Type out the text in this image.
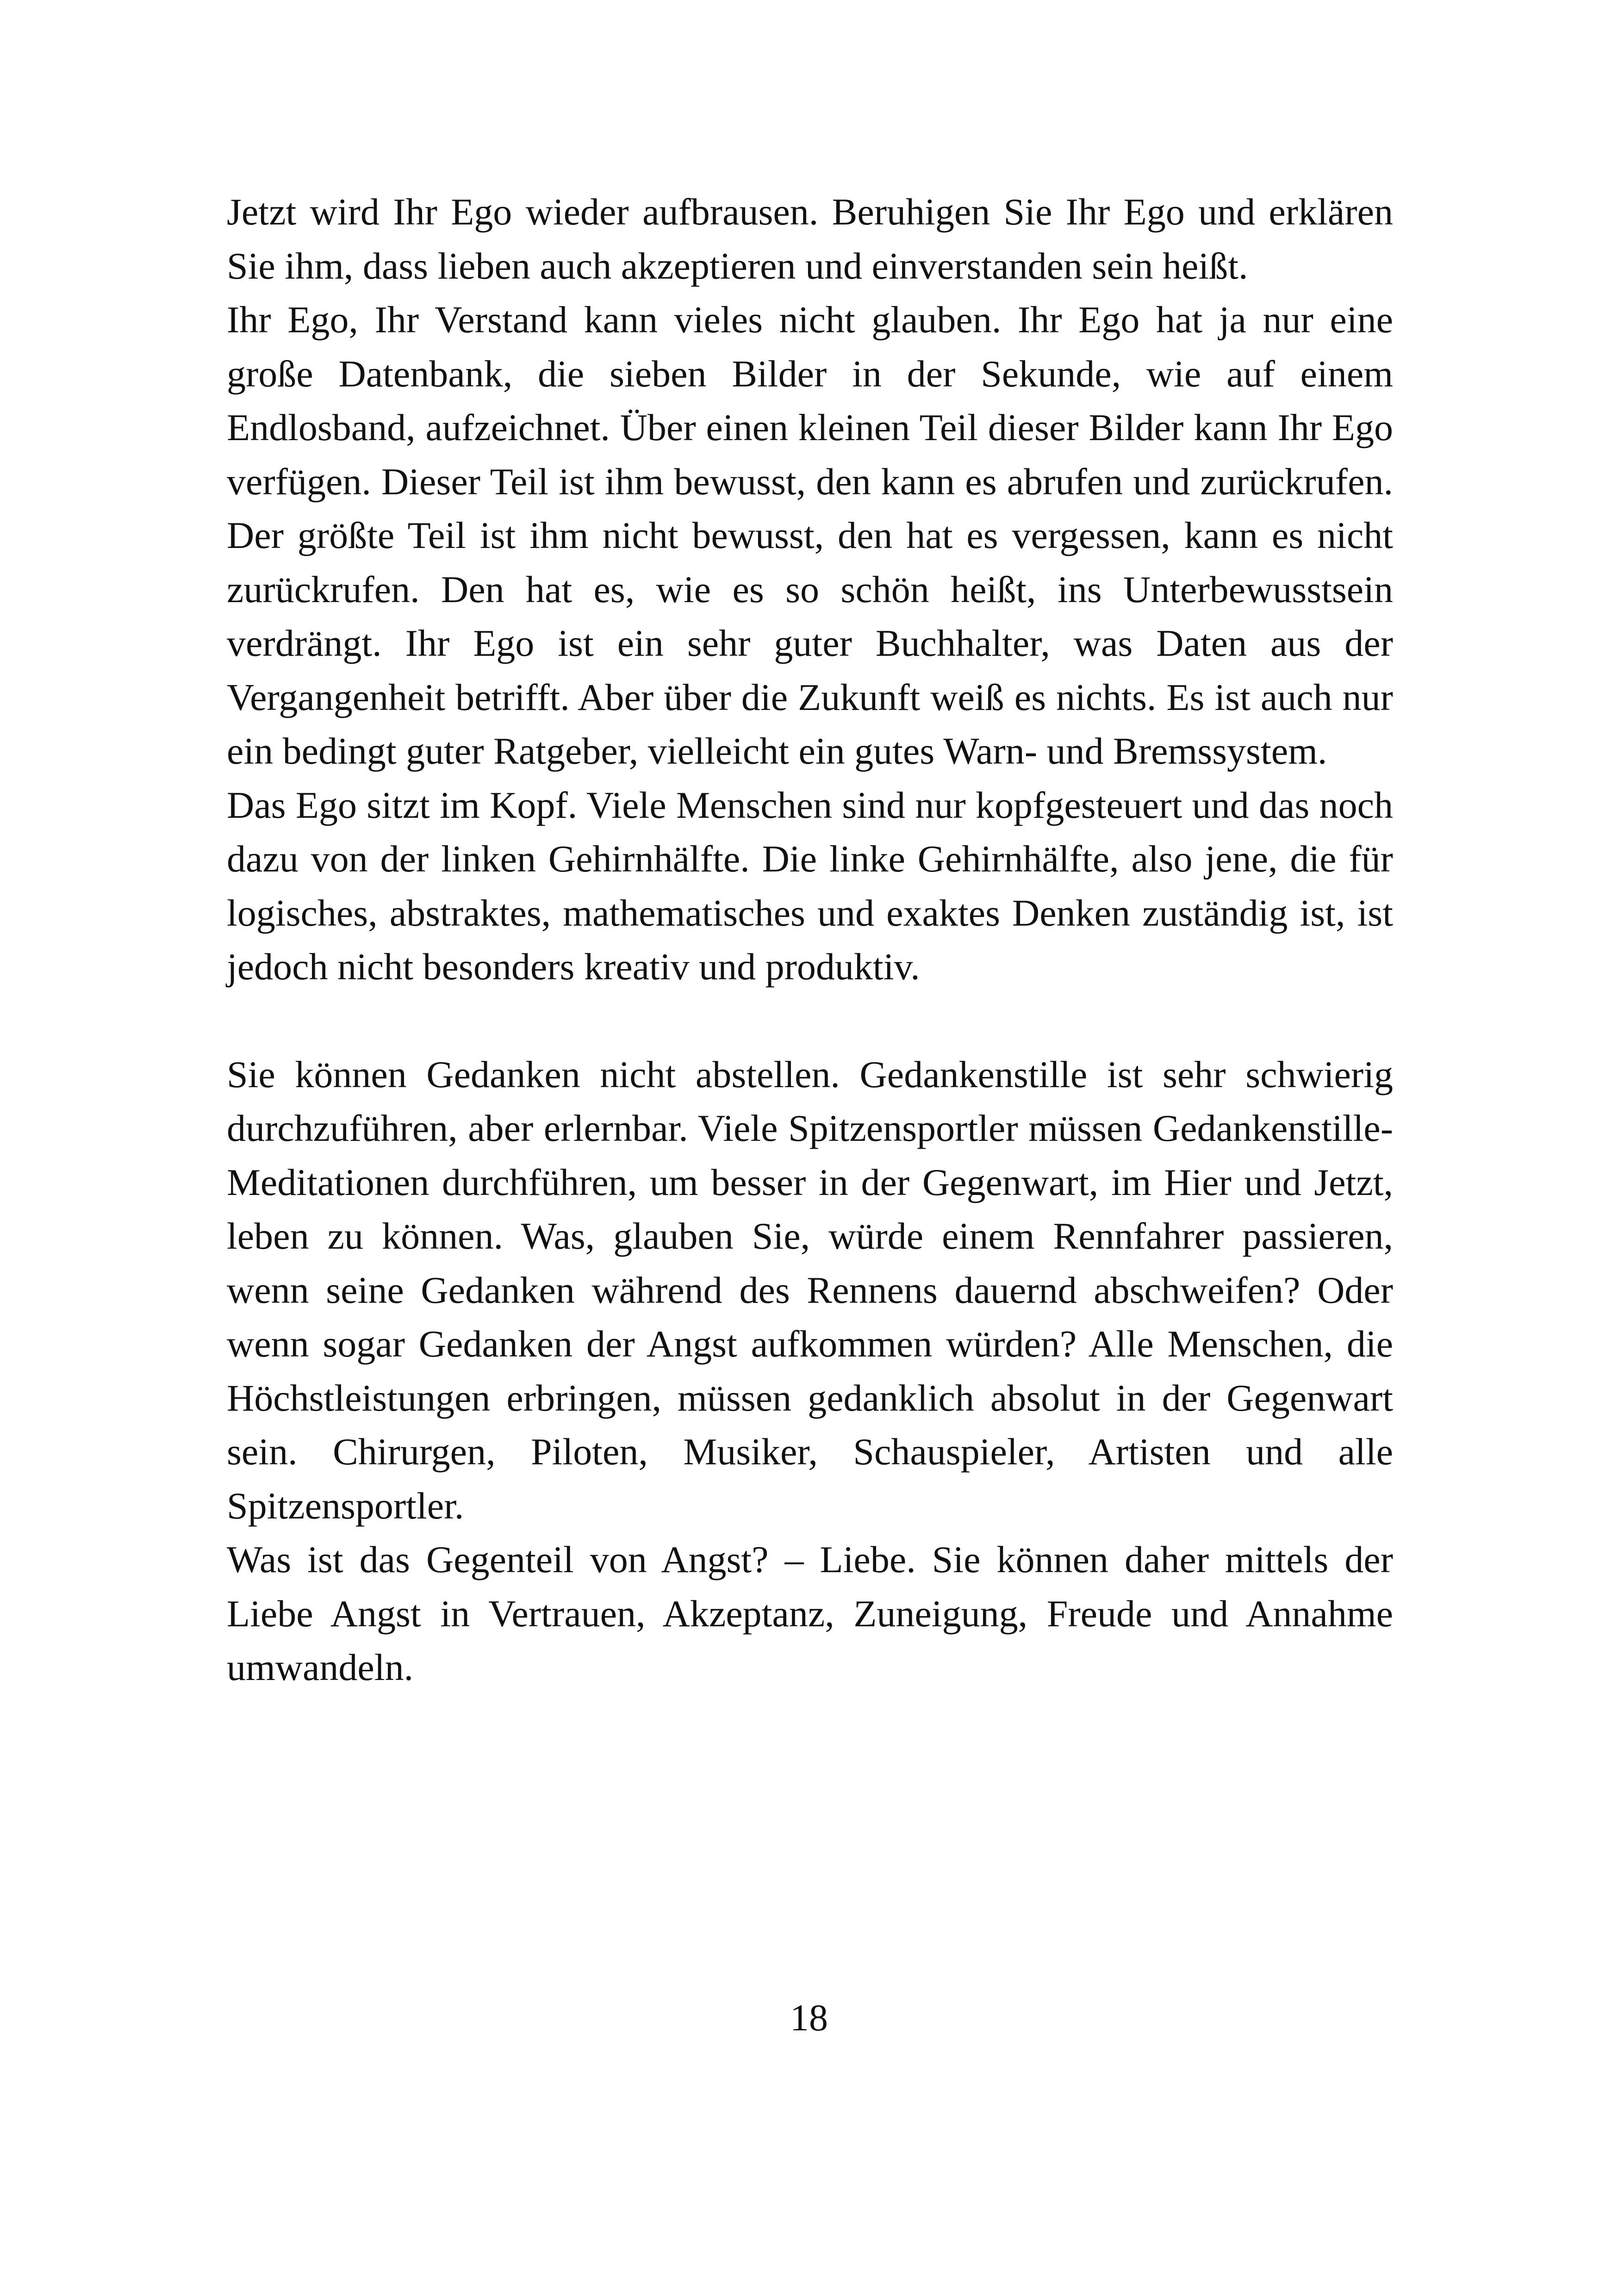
Jetzt wird Ihr Ego wieder aufbrausen. Beruhigen Sie Ihr Ego und erklären Sie ihm, dass lieben auch akzeptieren und einverstanden sein heißt.

Ihr Ego, Ihr Verstand kann vieles nicht glauben. Ihr Ego hat ja nur eine große Datenbank, die sieben Bilder in der Sekunde, wie auf einem Endlosband, aufzeichnet. Über einen kleinen Teil dieser Bilder kann Ihr Ego verfügen. Dieser Teil ist ihm bewusst, den kann es abrufen und zurückrufen. Der größte Teil ist ihm nicht bewusst, den hat es vergessen, kann es nicht zurückrufen. Den hat es, wie es so schön heißt, ins Unterbewusstsein verdrängt. Ihr Ego ist ein sehr guter Buchhalter, was Daten aus der Vergangenheit betrifft. Aber über die Zukunft weiß es nichts. Es ist auch nur ein bedingt guter Ratgeber, vielleicht ein gutes Warn- und Bremssystem.

Das Ego sitzt im Kopf. Viele Menschen sind nur kopfgesteuert und das noch dazu von der linken Gehirnhälfte. Die linke Gehirnhälfte, also jene, die für logisches, abstraktes, mathematisches und exaktes Denken zuständig ist, ist jedoch nicht besonders kreativ und produktiv.

Sie können Gedanken nicht abstellen. Gedankenstille ist sehr schwierig durchzuführen, aber erlernbar. Viele Spitzensportler müssen Gedankenstille-Meditationen durchführen, um besser in der Gegenwart, im Hier und Jetzt, leben zu können. Was, glauben Sie, würde einem Rennfahrer passieren, wenn seine Gedanken während des Rennens dauernd abschweifen? Oder wenn sogar Gedanken der Angst aufkommen würden? Alle Menschen, die Höchstleistungen erbringen, müssen gedanklich absolut in der Gegenwart sein. Chirurgen, Piloten, Musiker, Schauspieler, Artisten und alle Spitzensportler.

Was ist das Gegenteil von Angst? – Liebe. Sie können daher mittels der Liebe Angst in Vertrauen, Akzeptanz, Zuneigung, Freude und Annahme umwandeln.

18
